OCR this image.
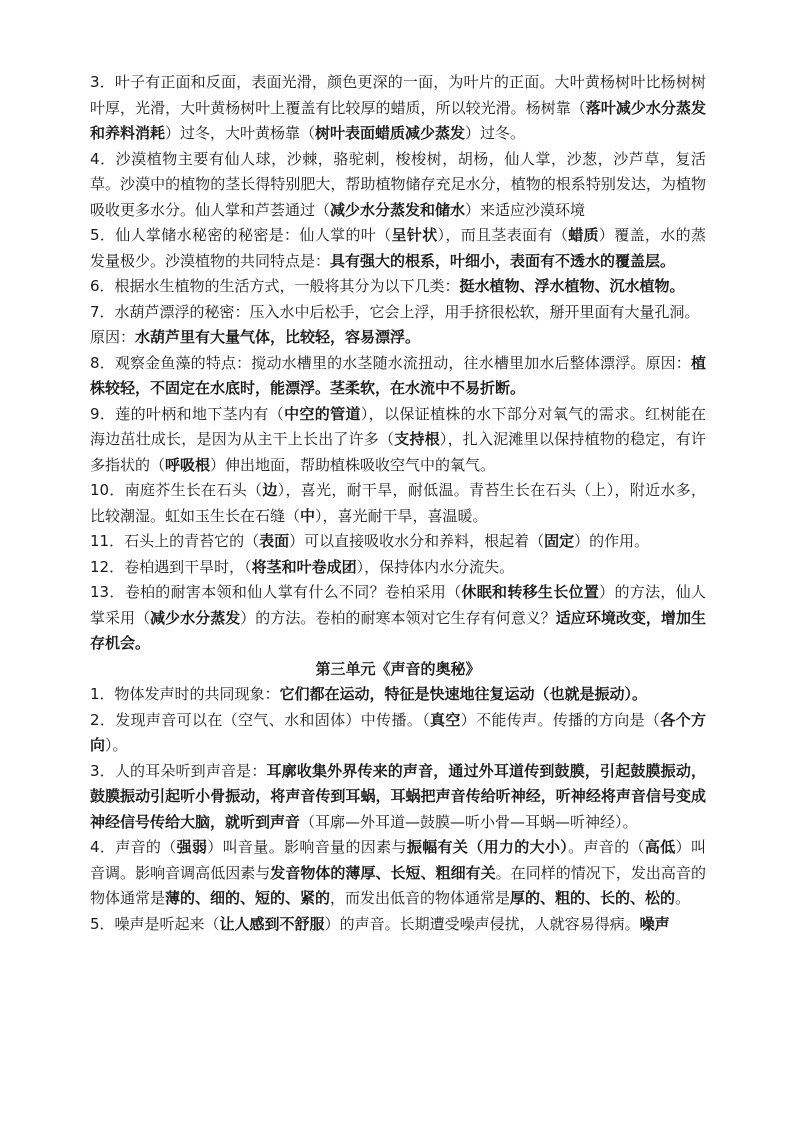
3．叶子有正面和反面，表面光滑，颜色更深的一面，为叶片的正面。大叶黄杨树叶比杨树树叶厚，光滑，大叶黄杨树叶上覆盖有比较厚的蜡质，所以较光滑。杨树靠（落叶减少水分蒸发和养料消耗）过冬，大叶黄杨靠（树叶表面蜡质减少蒸发）过冬。

4．沙漠植物主要有仙人球，沙棘，骆驼刺，梭梭树，胡杨，仙人掌，沙葱，沙芦草，复活草。沙漠中的植物的茎长得特别肥大，帮助植物储存充足水分，植物的根系特别发达，为植物吸收更多水分。仙人掌和芦荟通过（减少水分蒸发和储水）来适应沙漠环境

5．仙人掌储水秘密的秘密是：仙人掌的叶（呈针状），而且茎表面有（蜡质）覆盖，水的蒸发量极少。沙漠植物的共同特点是：具有强大的根系，叶细小，表面有不透水的覆盖层。

6．根据水生植物的生活方式，一般将其分为以下几类：挺水植物、浮水植物、沉水植物。

7．水葫芦漂浮的秘密：压入水中后松手，它会上浮，用手挤很松软，掰开里面有大量孔洞。

原因：水葫芦里有大量气体，比较轻，容易漂浮。

8．观察金鱼藻的特点：搅动水槽里的水茎随水流扭动，往水槽里加水后整体漂浮。原因：植株较轻，不固定在水底时，能漂浮。茎柔软，在水流中不易折断。

9．莲的叶柄和地下茎内有（中空的管道），以保证植株的水下部分对氧气的需求。红树能在海边茁壮成长，是因为从主干上长出了许多（支持根），扎入泥滩里以保持植物的稳定，有许多指状的（呼吸根）伸出地面，帮助植株吸收空气中的氧气。

10．南庭芥生长在石头（边），喜光，耐干旱，耐低温。青苔生长在石头（上），附近水多，比较潮湿。虹如玉生长在石缝（中），喜光耐干旱，喜温暖。

11．石头上的青苔它的（表面）可以直接吸收水分和养料，根起着（固定）的作用。

12．卷柏遇到干旱时，（将茎和叶卷成团），保持体内水分流失。

13．卷柏的耐害本领和仙人掌有什么不同？卷柏采用（休眠和转移生长位置）的方法，仙人掌采用（减少水分蒸发）的方法。卷柏的耐寒本领对它生存有何意义？适应环境改变，增加生存机会。

第三单元《声音的奥秘》

1．物体发声时的共同现象：它们都在运动，特征是快速地往复运动（也就是振动）。

2．发现声音可以在（空气、水和固体）中传播。（真空）不能传声。传播的方向是（各个方向）。

3．人的耳朵听到声音是：耳廓收集外界传来的声音，通过外耳道传到鼓膜，引起鼓膜振动，鼓膜振动引起听小骨振动，将声音传到耳蜗，耳蜗把声音传给听神经，听神经将声音信号变成神经信号传给大脑，就听到声音（耳廓—外耳道—鼓膜—听小骨—耳蜗—听神经）。

4．声音的（强弱）叫音量。影响音量的因素与振幅有关（用力的大小）。声音的（高低）叫音调。影响音调高低因素与发音物体的薄厚、长短、粗细有关。在同样的情况下，发出高音的物体通常是薄的、细的、短的、紧的，而发出低音的物体通常是厚的、粗的、长的、松的。

5．噪声是听起来（让人感到不舒服）的声音。长期遭受噪声侵扰，人就容易得病。噪声
